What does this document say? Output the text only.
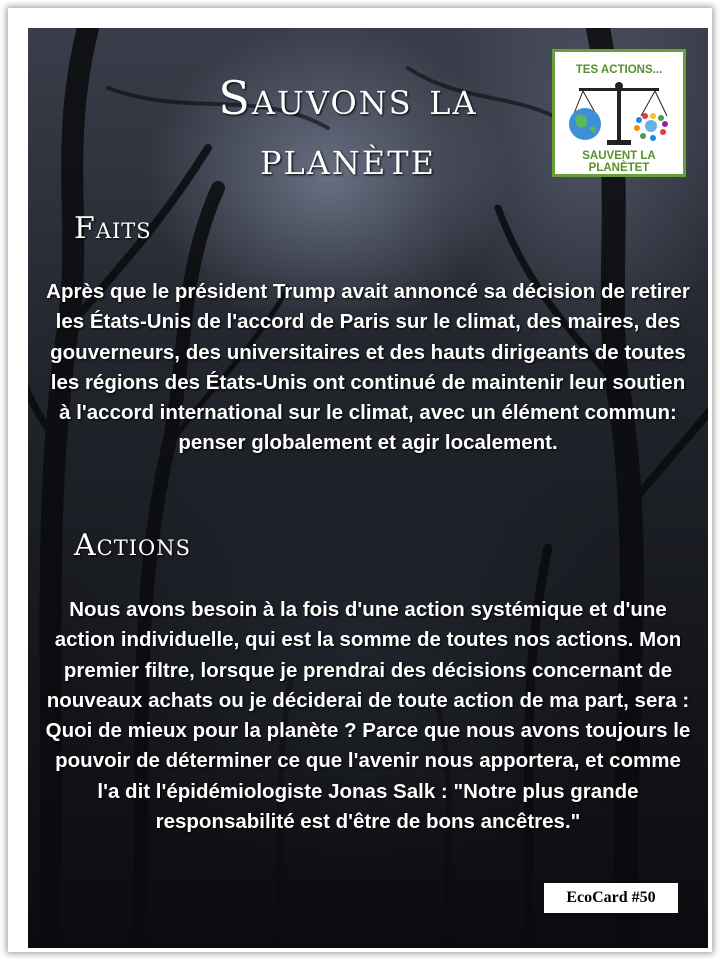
Sauvons la planète
TES ACTIONS...
SAUVENT LA
PLANÈTET
Faits
Après que le président Trump avait annoncé sa décision de retirer les États-Unis de l'accord de Paris sur le climat, des maires, des gouverneurs, des universitaires et des hauts dirigeants de toutes les régions des États-Unis ont continué de maintenir leur soutien à l'accord international sur le climat, avec un élément commun: penser globalement et agir localement.
Actions
Nous avons besoin à la fois d'une action systémique et d'une action individuelle, qui est la somme de toutes nos actions. Mon premier filtre, lorsque je prendrai des décisions concernant de nouveaux achats ou je déciderai de toute action de ma part, sera : Quoi de mieux pour la planète ? Parce que nous avons toujours le pouvoir de déterminer ce que l'avenir nous apportera, et comme l'a dit l'épidémiologiste Jonas Salk : "Notre plus grande responsabilité est d'être de bons ancêtres."
EcoCard #50
